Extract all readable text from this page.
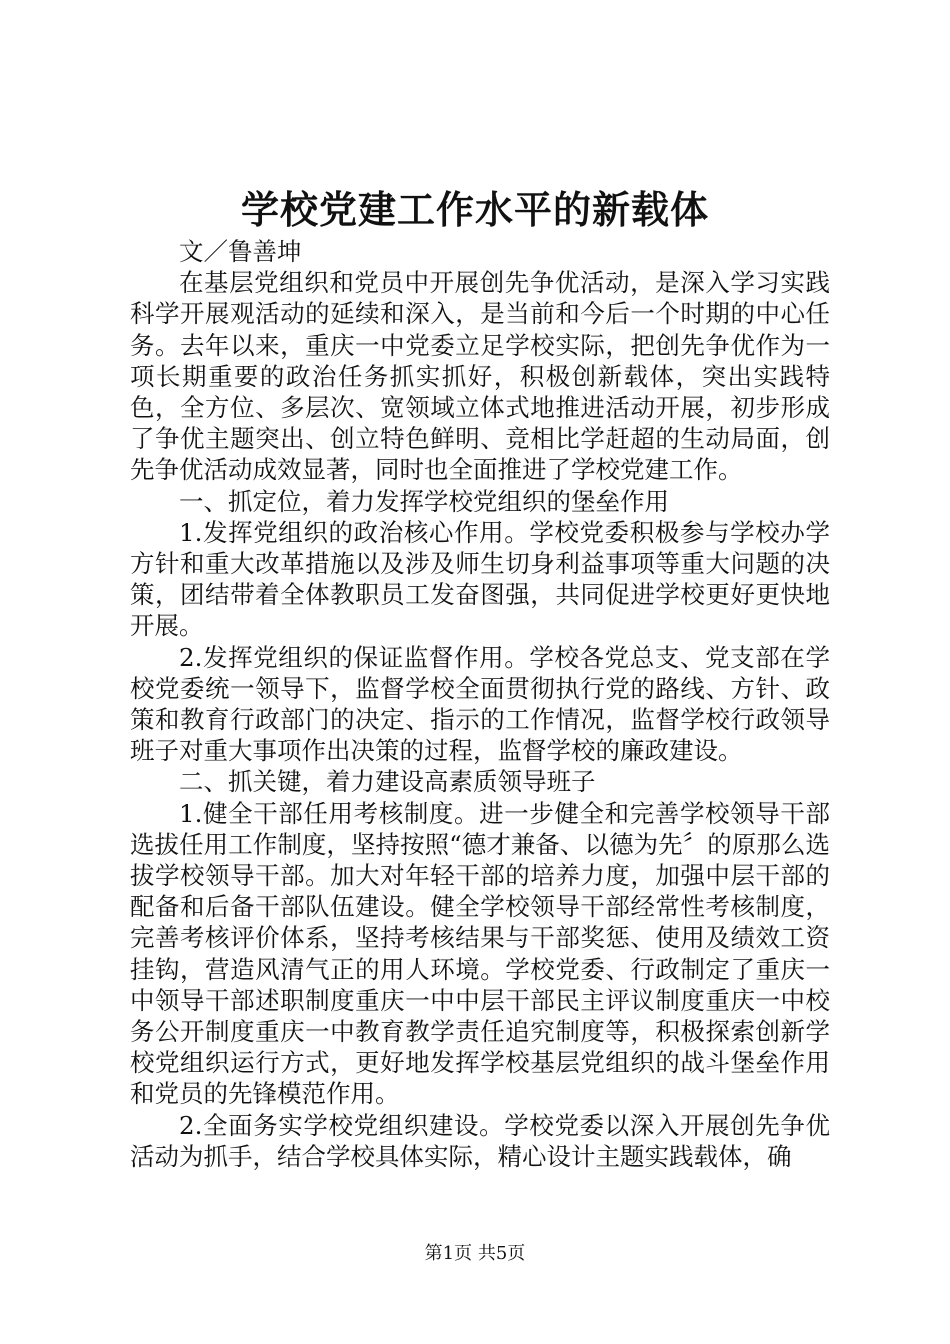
学校党建工作水平的新载体

文／鲁善坤

在基层党组织和党员中开展创先争优活动，是深入学习实践科学开展观活动的延续和深入，是当前和今后一个时期的中心任务。去年以来，重庆一中党委立足学校实际，把创先争优作为一项长期重要的政治任务抓实抓好，积极创新载体，突出实践特色，全方位、多层次、宽领域立体式地推进活动开展，初步形成了争优主题突出、创立特色鲜明、竞相比学赶超的生动局面，创先争优活动成效显著，同时也全面推进了学校党建工作。

一、抓定位，着力发挥学校党组织的堡垒作用

1.发挥党组织的政治核心作用。学校党委积极参与学校办学方针和重大改革措施以及涉及师生切身利益事项等重大问题的决策，团结带着全体教职员工发奋图强，共同促进学校更好更快地开展。

2.发挥党组织的保证监督作用。学校各党总支、党支部在学校党委统一领导下，监督学校全面贯彻执行党的路线、方针、政策和教育行政部门的决定、指示的工作情况，监督学校行政领导班子对重大事项作出决策的过程，监督学校的廉政建设。

二、抓关键，着力建设高素质领导班子

1.健全干部任用考核制度。进一步健全和完善学校领导干部选拔任用工作制度，坚持按照“德才兼备、以德为先〞的原那么选拔学校领导干部。加大对年轻干部的培养力度，加强中层干部的配备和后备干部队伍建设。健全学校领导干部经常性考核制度，完善考核评价体系，坚持考核结果与干部奖惩、使用及绩效工资挂钩，营造风清气正的用人环境。学校党委、行政制定了重庆一中领导干部述职制度重庆一中中层干部民主评议制度重庆一中校务公开制度重庆一中教育教学责任追究制度等，积极探索创新学校党组织运行方式，更好地发挥学校基层党组织的战斗堡垒作用和党员的先锋模范作用。

2.全面务实学校党组织建设。学校党委以深入开展创先争优活动为抓手，结合学校具体实际，精心设计主题实践载体，确

第1页 共5页
